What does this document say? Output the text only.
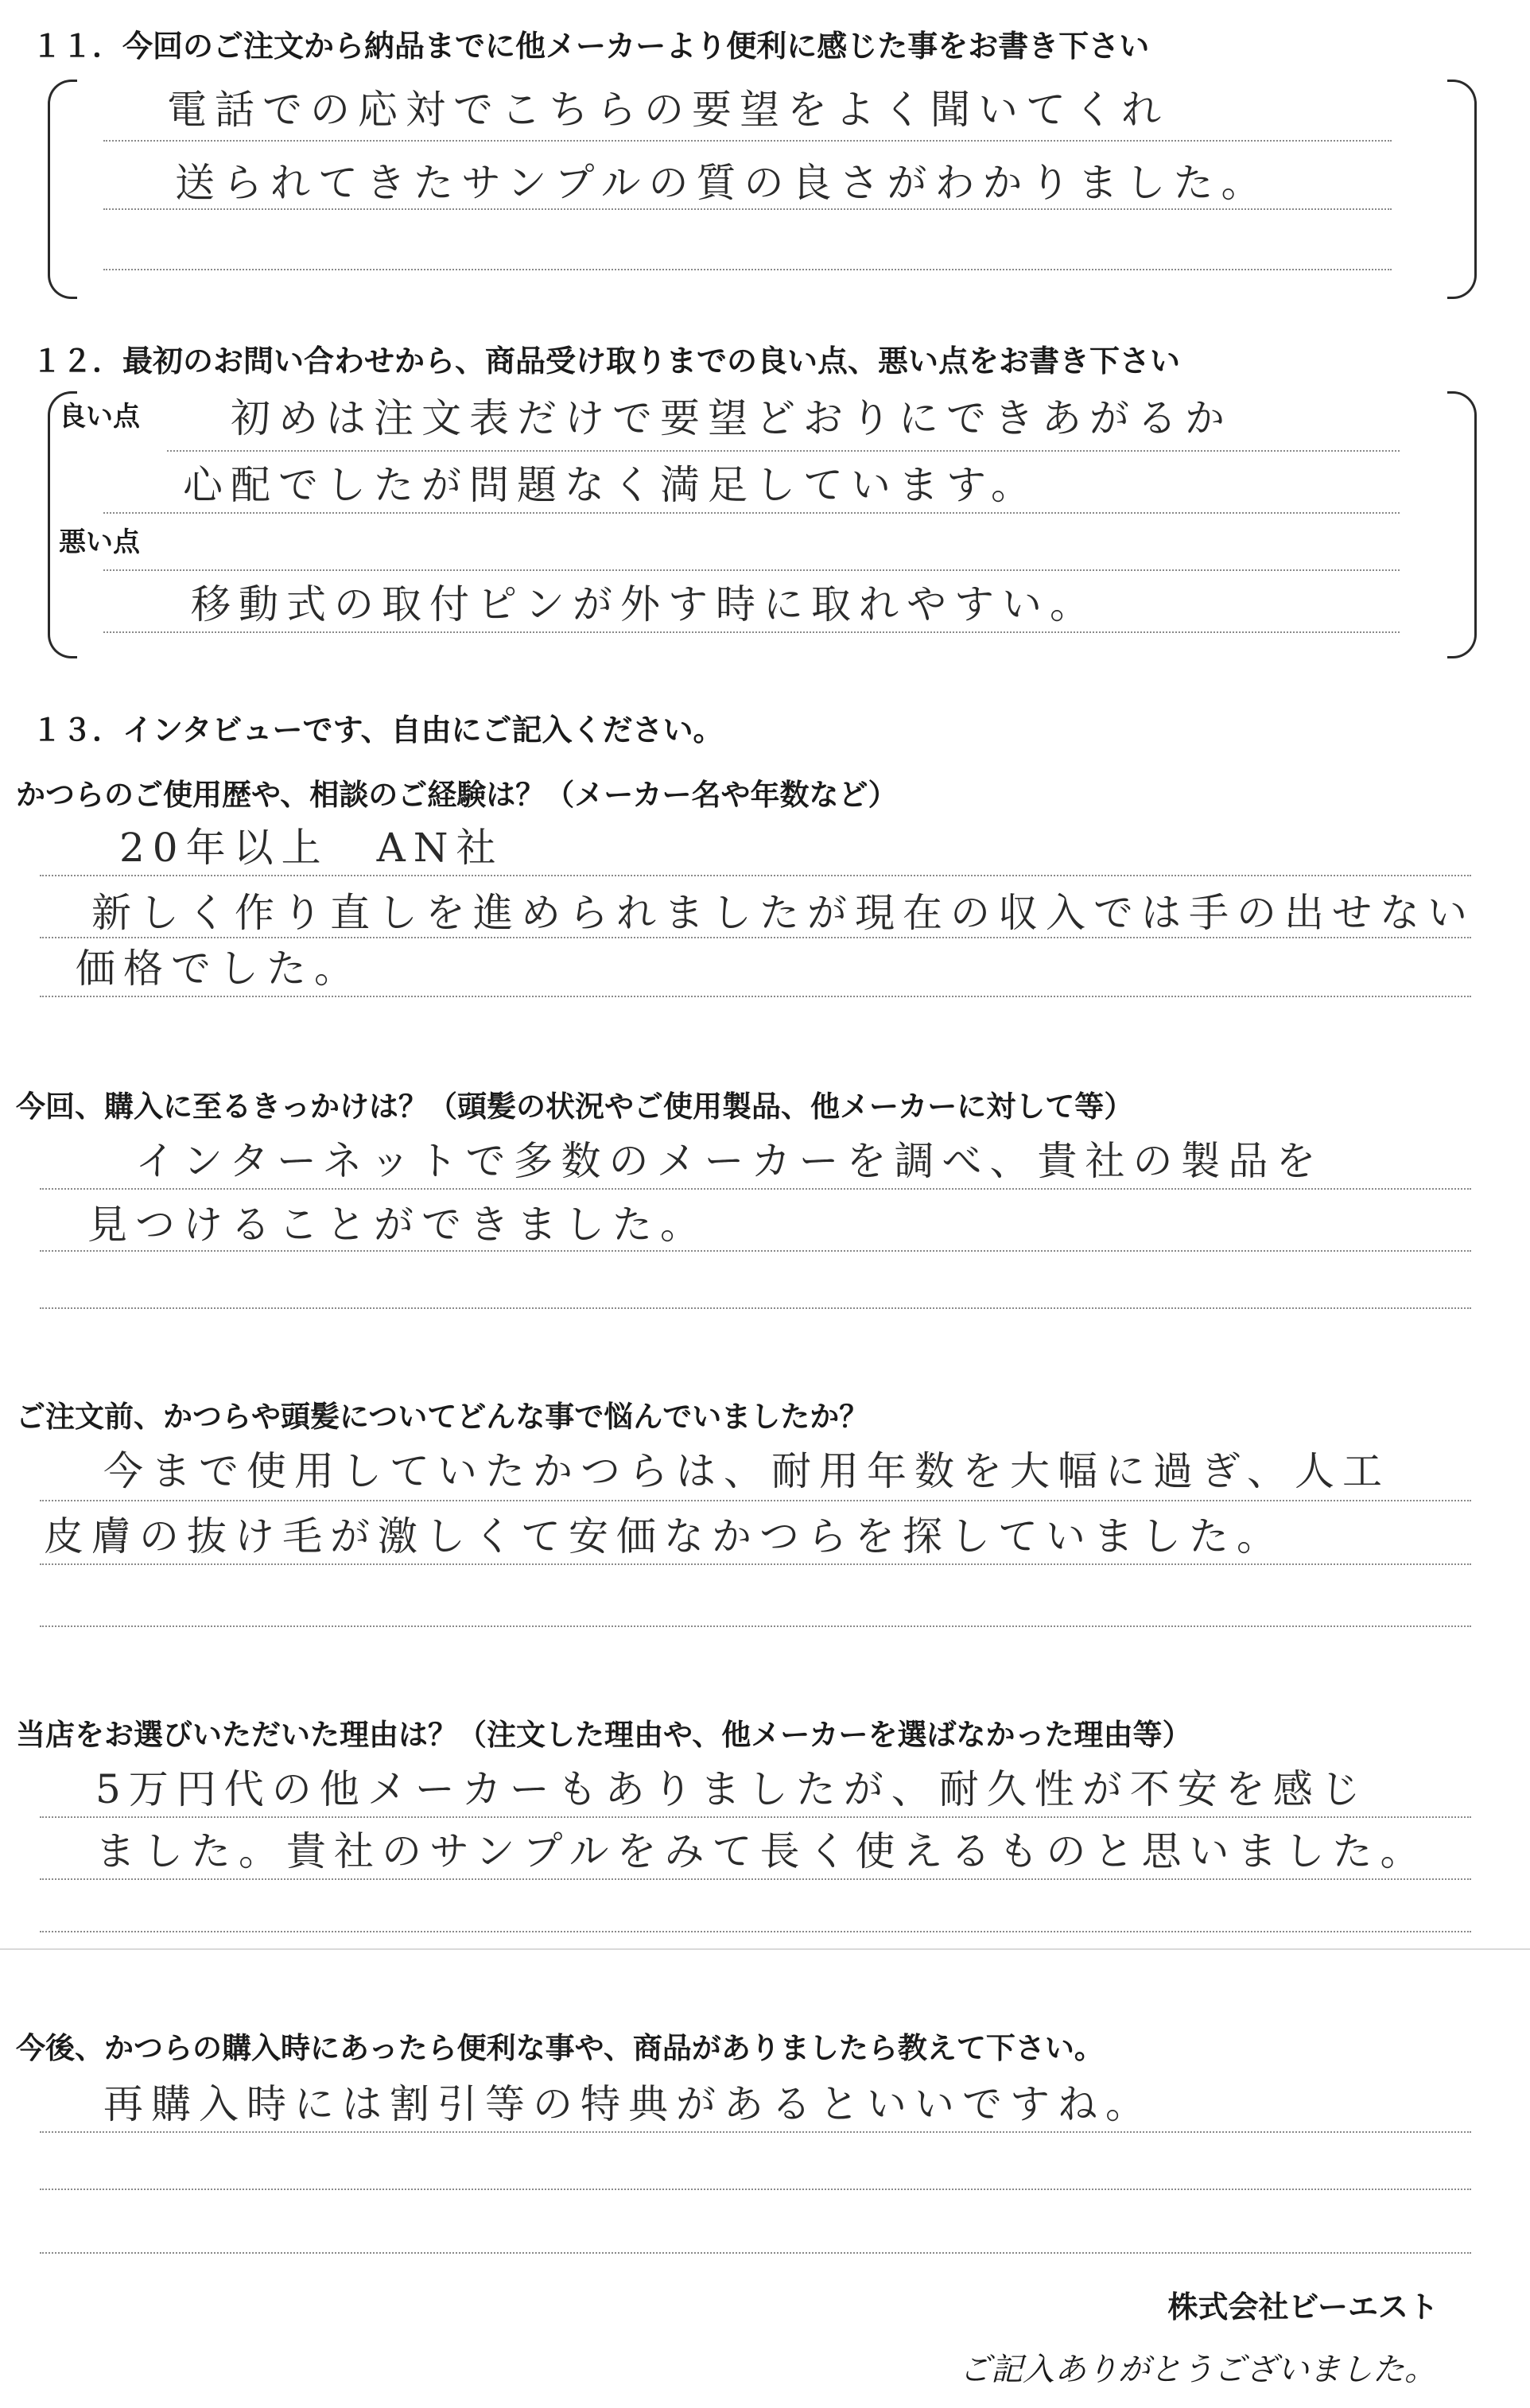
１１．今回のご注文から納品までに他メーカーより便利に感じた事をお書き下さい
電話での応対でこちらの要望をよく聞いてくれ
送られてきたサンプルの質の良さがわかりました。
１２．最初のお問い合わせから、商品受け取りまでの良い点、悪い点をお書き下さい
良い点 初めは注文表だけで要望どおりにできあがるか
心配でしたが問題なく満足しています。
悪い点
移動式の取付ピンが外す時に取れやすい。
１３．インタビューです、自由にご記入ください。
かつらのご使用歴や、相談のご経験は？（メーカー名や年数など）
20年以上　AN社
新しく作り直しを進められましたが現在の収入では手の出せない
価格でした。
今回、購入に至るきっかけは？（頭髪の状況やご使用製品、他メーカーに対して等）
インターネットで多数のメーカーを調べ、貴社の製品を
見つけることができました。
ご注文前、かつらや頭髪についてどんな事で悩んでいましたか？
今まで使用していたかつらは、耐用年数を大幅に過ぎ、人工
皮膚の抜け毛が激しくて安価なかつらを探していました。
当店をお選びいただいた理由は？（注文した理由や、他メーカーを選ばなかった理由等）
5万円代の他メーカーもありましたが、耐久性が不安を感じ
ました。貴社のサンプルをみて長く使えるものと思いました。
今後、かつらの購入時にあったら便利な事や、商品がありましたら教えて下さい。
再購入時には割引等の特典があるといいですね。
株式会社ビーエスト
ご記入ありがとうございました。
